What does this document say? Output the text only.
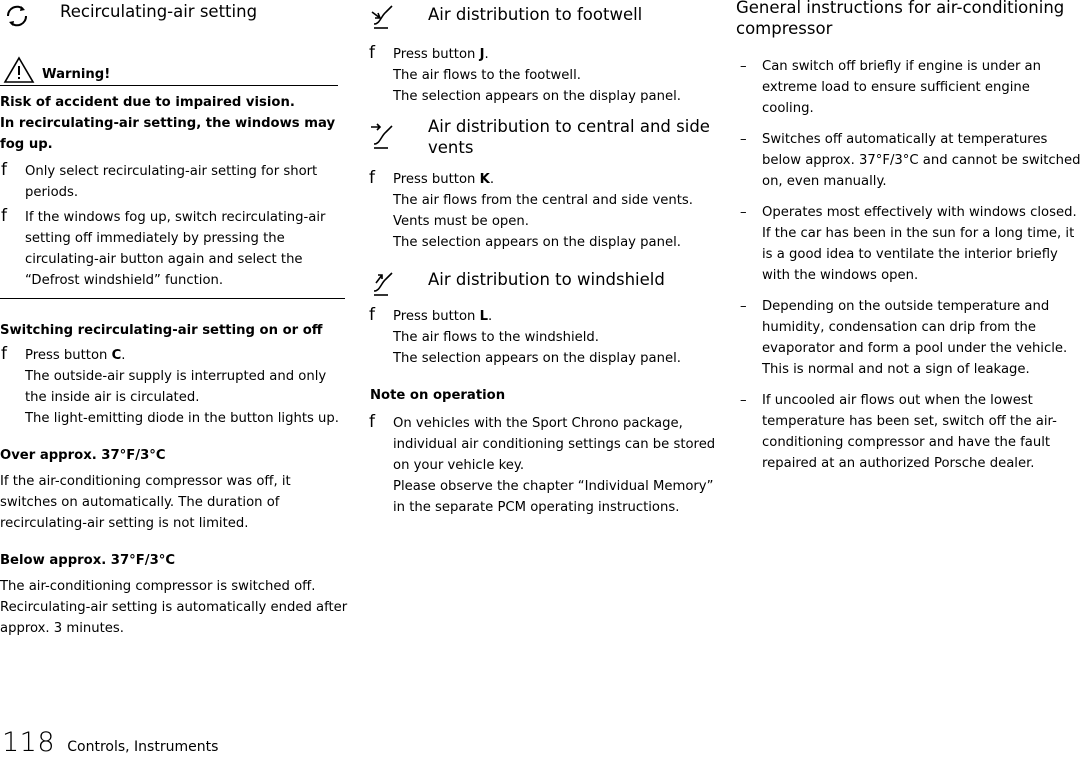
Recirculating-air setting
Warning!

Risk of accident due to impaired vision.

In recirculating-air setting, the windows may fog up.

f Only select recirculating-air setting for short periods.
f If the windows fog up, switch recirculating-air setting off immediately by pressing the circulating-air button again and select the “Defrost windshield” function.

Switching recirculating-air setting on or off

f Press button C.
The outside-air supply is interrupted and only the inside air is circulated.
The light-emitting diode in the button lights up.

Over approx. 37°F/3°C

If the air-conditioning compressor was off, it switches on automatically. The duration of recirculating-air setting is not limited.

Below approx. 37°F/3°C

The air-conditioning compressor is switched off. Recirculating-air setting is automatically ended after approx. 3 minutes.

Air distribution to footwell
f Press button J.
The air flows to the footwell.
The selection appears on the display panel.
Air distribution to central and side vents
f Press button K.
The air flows from the central and side vents.
Vents must be open.
The selection appears on the display panel.
Air distribution to windshield
f Press button L.
The air flows to the windshield.
The selection appears on the display panel.

Note on operation

f On vehicles with the Sport Chrono package, individual air conditioning settings can be stored on your vehicle key.
Please observe the chapter “Individual Memory” in the separate PCM operating instructions.
General instructions for air-conditioning compressor
– Can switch off briefly if engine is under an extreme load to ensure sufficient engine cooling.
– Switches off automatically at temperatures below approx. 37°F/3°C and cannot be switched on, even manually.
– Operates most effectively with windows closed.
If the car has been in the sun for a long time, it is a good idea to ventilate the interior briefly with the windows open.
– Depending on the outside temperature and humidity, condensation can drip from the evaporator and form a pool under the vehicle.
This is normal and not a sign of leakage.
– If uncooled air flows out when the lowest temperature has been set, switch off the air-conditioning compressor and have the fault repaired at an authorized Porsche dealer.
118 Controls, Instruments
